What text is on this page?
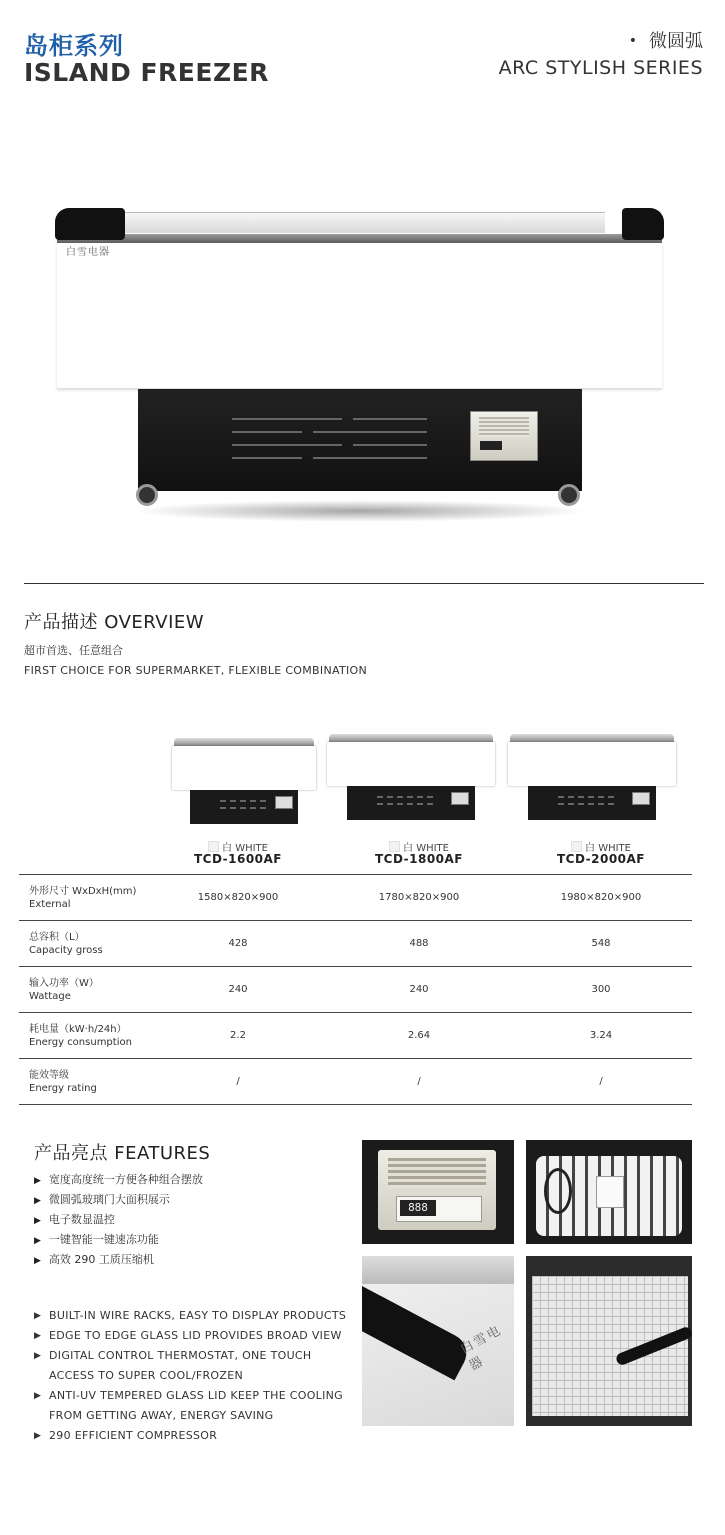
岛柜系列
ISLAND FREEZER
• 微圆弧
ARC STYLISH SERIES
白雪电器
产品描述 OVERVIEW
超市首选、任意组合
FIRST CHOICE FOR SUPERMARKET, FLEXIBLE COMBINATION
白 WHITE	白 WHITE	白 WHITE
TCD-1600AF	TCD-1800AF	TCD-2000AF
外形尺寸 WxDxH(mm)
External
1580×820×900	1780×820×900	1980×820×900
总容积（L）
Capacity gross
428	488	548
输入功率（W）
Wattage
240	240	300
耗电量（kW·h/24h）
Energy consumption
2.2	2.64	3.24
能效等级
Energy rating
/	/	/
产品亮点 FEATURES
▶ 宽度高度统一方便各种组合摆放
▶ 微圆弧玻璃门大面积展示
▶ 电子数显温控
▶ 一键智能一键速冻功能
▶ 高效 290 工质压缩机
▶ BUILT-IN WIRE RACKS, EASY TO DISPLAY PRODUCTS
▶ EDGE TO EDGE GLASS LID PROVIDES BROAD VIEW
▶ DIGITAL CONTROL THERMOSTAT, ONE TOUCH ACCESS TO SUPER COOL/FROZEN
▶ ANTI-UV TEMPERED GLASS LID KEEP THE COOLING FROM GETTING AWAY, ENERGY SAVING
▶ 290 EFFICIENT COMPRESSOR
888
白雪电器
